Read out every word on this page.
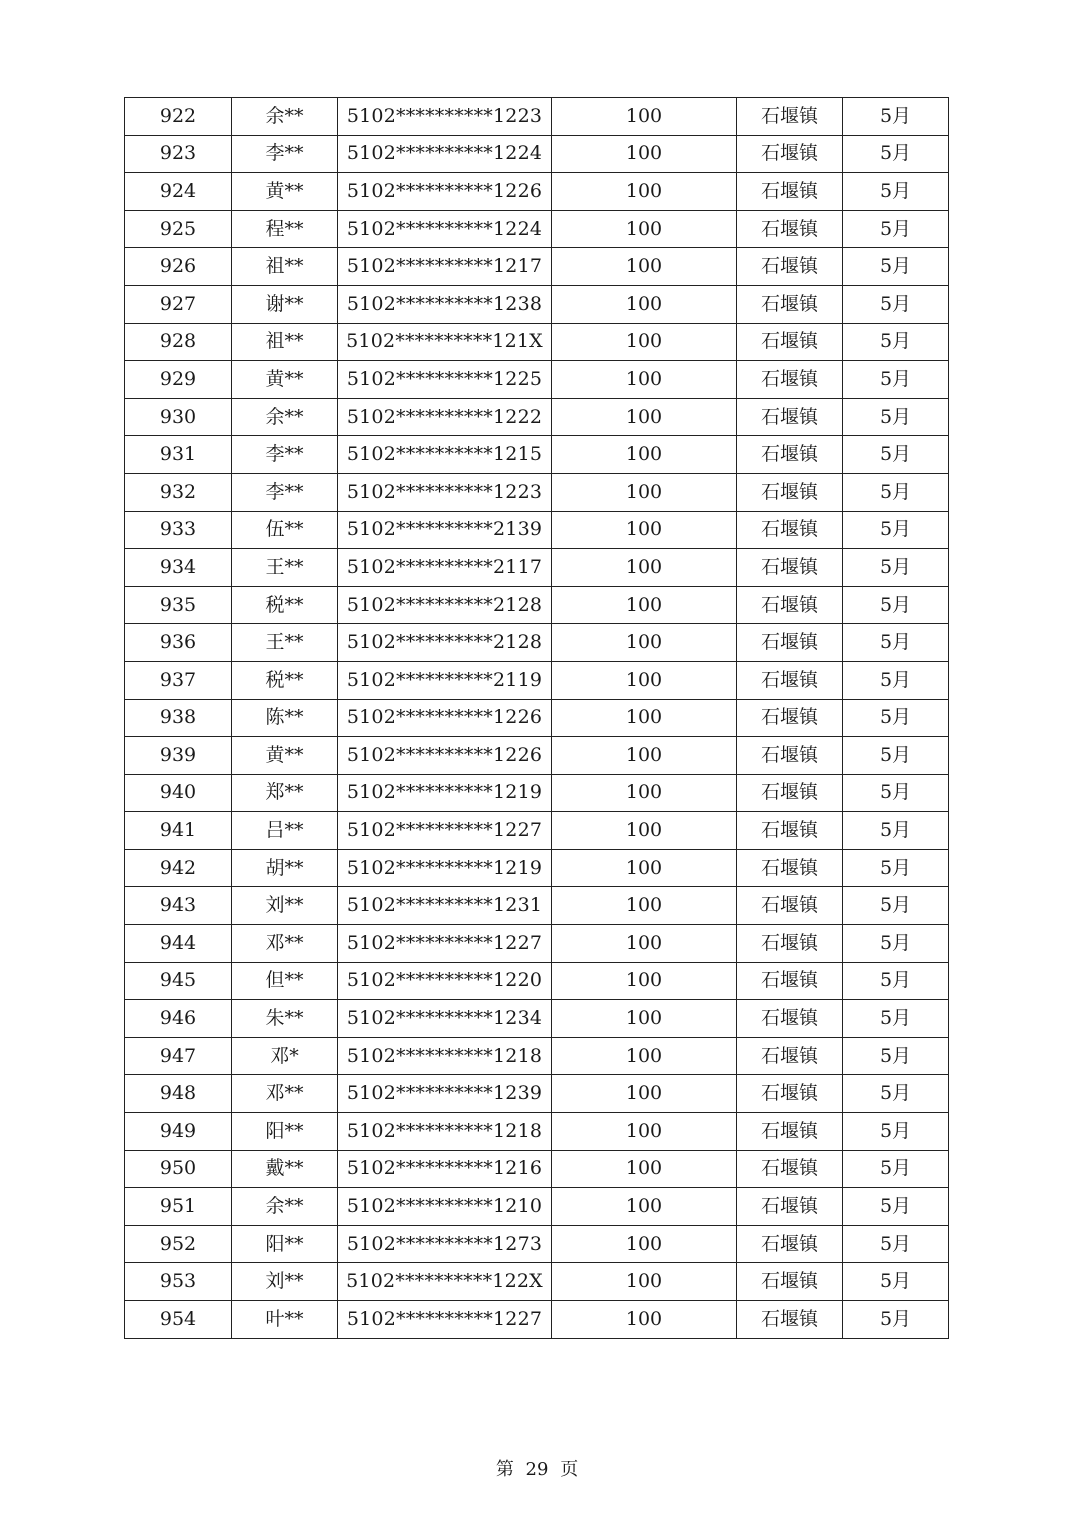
922	余**	5102**********1223	100	石堰镇	5月
923	李**	5102**********1224	100	石堰镇	5月
924	黄**	5102**********1226	100	石堰镇	5月
925	程**	5102**********1224	100	石堰镇	5月
926	祖**	5102**********1217	100	石堰镇	5月
927	谢**	5102**********1238	100	石堰镇	5月
928	祖**	5102**********121X	100	石堰镇	5月
929	黄**	5102**********1225	100	石堰镇	5月
930	余**	5102**********1222	100	石堰镇	5月
931	李**	5102**********1215	100	石堰镇	5月
932	李**	5102**********1223	100	石堰镇	5月
933	伍**	5102**********2139	100	石堰镇	5月
934	王**	5102**********2117	100	石堰镇	5月
935	税**	5102**********2128	100	石堰镇	5月
936	王**	5102**********2128	100	石堰镇	5月
937	税**	5102**********2119	100	石堰镇	5月
938	陈**	5102**********1226	100	石堰镇	5月
939	黄**	5102**********1226	100	石堰镇	5月
940	郑**	5102**********1219	100	石堰镇	5月
941	吕**	5102**********1227	100	石堰镇	5月
942	胡**	5102**********1219	100	石堰镇	5月
943	刘**	5102**********1231	100	石堰镇	5月
944	邓**	5102**********1227	100	石堰镇	5月
945	但**	5102**********1220	100	石堰镇	5月
946	朱**	5102**********1234	100	石堰镇	5月
947	邓*	5102**********1218	100	石堰镇	5月
948	邓**	5102**********1239	100	石堰镇	5月
949	阳**	5102**********1218	100	石堰镇	5月
950	戴**	5102**********1216	100	石堰镇	5月
951	余**	5102**********1210	100	石堰镇	5月
952	阳**	5102**********1273	100	石堰镇	5月
953	刘**	5102**********122X	100	石堰镇	5月
954	叶**	5102**********1227	100	石堰镇	5月
第 29 页
